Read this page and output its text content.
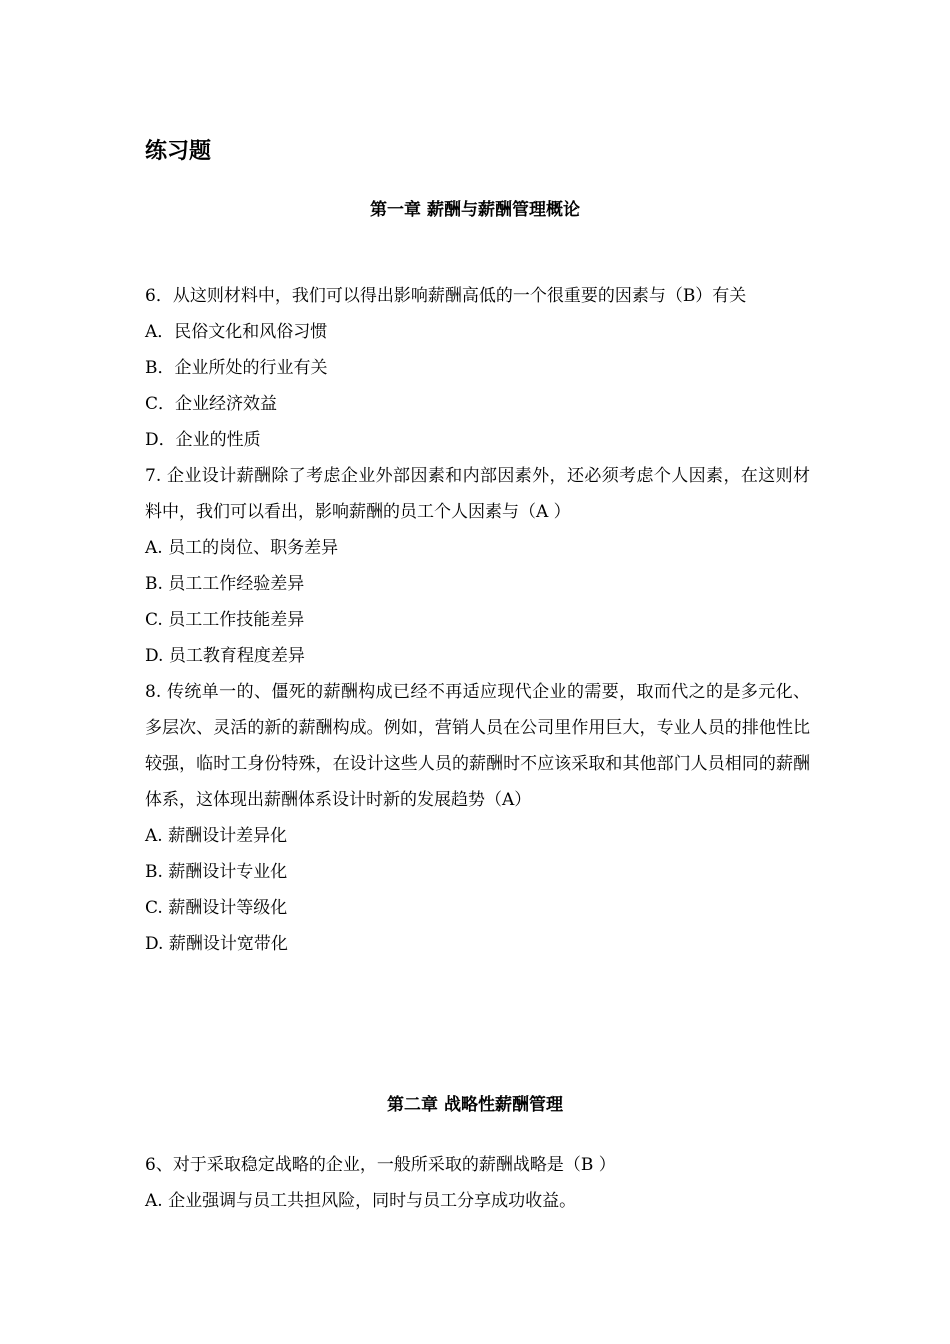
练习题
第一章 薪酬与薪酬管理概论

6．从这则材料中，我们可以得出影响薪酬高低的一个很重要的因素与（B）有关

A．民俗文化和风俗习惯

B．企业所处的行业有关

C．企业经济效益

D．企业的性质

7. 企业设计薪酬除了考虑企业外部因素和内部因素外，还必须考虑个人因素，在这则材料中，我们可以看出，影响薪酬的员工个人因素与（A ）

A. 员工的岗位、职务差异

B. 员工工作经验差异

C. 员工工作技能差异

D. 员工教育程度差异

8. 传统单一的、僵死的薪酬构成已经不再适应现代企业的需要，取而代之的是多元化、多层次、灵活的新的薪酬构成。例如，营销人员在公司里作用巨大，专业人员的排他性比较强，临时工身份特殊，在设计这些人员的薪酬时不应该采取和其他部门人员相同的薪酬体系，这体现出薪酬体系设计时新的发展趋势（A）

A. 薪酬设计差异化

B. 薪酬设计专业化

C. 薪酬设计等级化

D. 薪酬设计宽带化

第二章 战略性薪酬管理

6、对于采取稳定战略的企业，一般所采取的薪酬战略是（B ）

A. 企业强调与员工共担风险，同时与员工分享成功收益。
